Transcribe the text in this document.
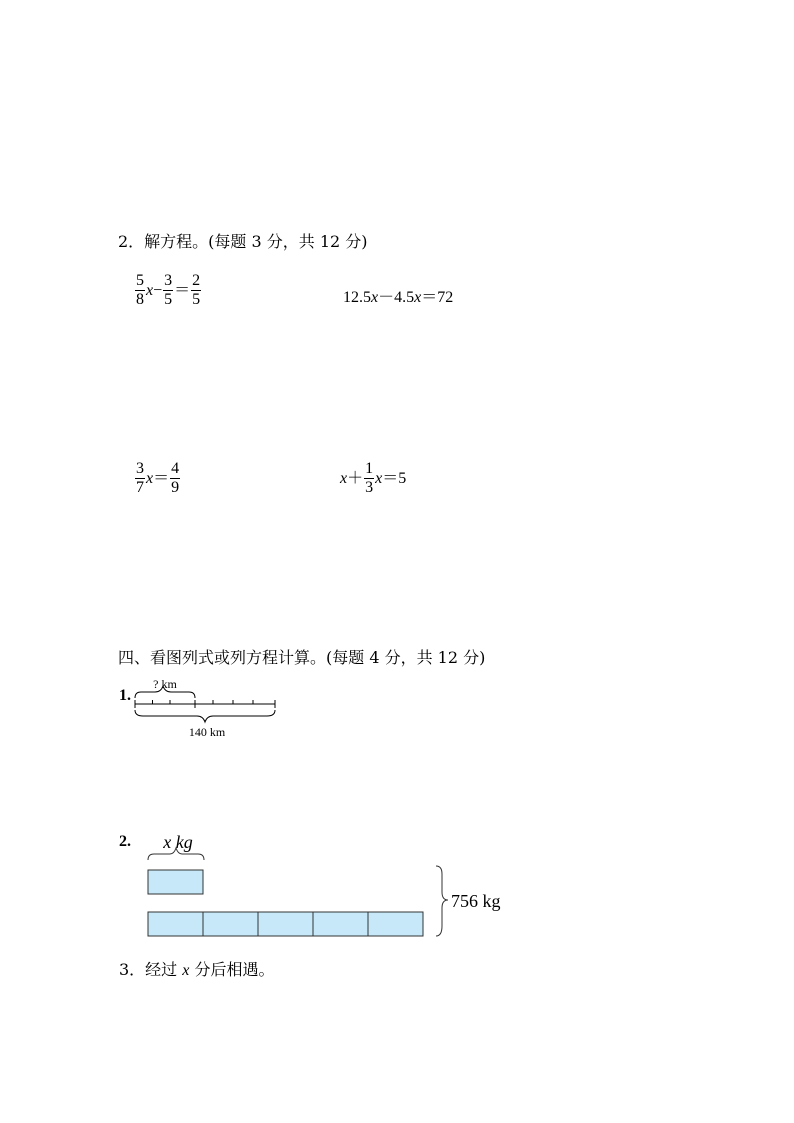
2．解方程。(每题 3 分，共 12 分)
$\frac{5}{8} x- \frac{3}{5} = \frac{2}{5}$	12.5x－4.5x＝72
$\frac{3}{7} x= \frac{4}{9}$	$x+ \frac{1}{3} x=5$
四、看图列式或列方程计算。(每题 4 分，共 12 分)
1.
? km
140 km
2. x kg
756 kg
3．经过 x 分后相遇。
